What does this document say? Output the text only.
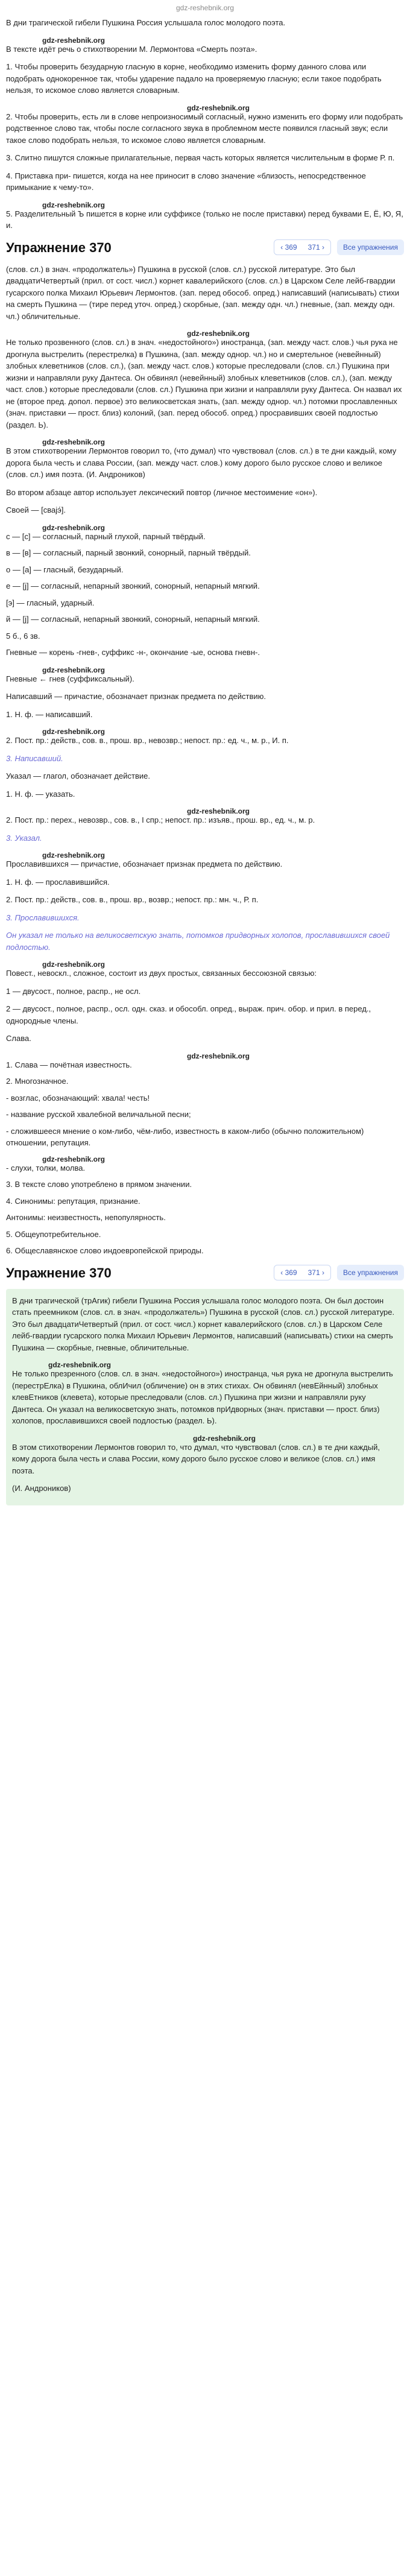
gdz-reshebnik.org

В дни трагической гибели Пушкина Россия услышала голос молодого поэта.

gdz-reshebnik.org

В тексте идёт речь о стихотворении М. Лермонтова «Смерть поэта».

1. Чтобы проверить безударную гласную в корне, необходимо изменить форму данного слова или подобрать однокоренное так, чтобы ударение падало на проверяемую гласную; если такое подобрать нельзя, то искомое слово является словарным.

gdz-reshebnik.org

2. Чтобы проверить, есть ли в слове непроизносимый согласный, нужно изменить его форму или подобрать родственное слово так, чтобы после согласного звука в проблемном месте появился гласный звук; если такое слово подобрать нельзя, то искомое слово является словарным.

3. Слитно пишутся сложные прилагательные, первая часть которых является числительным в форме Р. п.

4. Приставка при- пишется, когда на нее приносит в слово значение «близость, непосредственное примыкание к чему-то».

gdz-reshebnik.org

5. Разделительный Ъ пишется в корне или суффиксе (только не после приставки) перед буквами Е, Ё, Ю, Я, и.

Упражнение 370	‹ 369 371 ›	Все упражнения

(слов. сл.) в знач. «продолжатель») Пушкина в русской (слов. сл.) русской литературе. Это был двадцатиЧетвертый (прил. от сост. числ.) корнет кавалерийского (слов. сл.) в Царском Селе лейб-гвардии гусарского полка Михаил Юрьевич Лермонтов. (зап. перед обособ. опред.) написавший (написывать) стихи на смерть Пушкина — (тире перед уточ. опред.) скорбные, (зап. между одн. чл.) гневные, (зап. между одн. чл.) обличительные.

gdz-reshebnik.org

Не только прозвенного (слов. сл.) в знач. «недостойного») иностранца, (зап. между част. слов.) чья рука не дрогнула выстрелить (перестрелка) в Пушкина, (зап. между однор. чл.) но и смертельное (невейнный) злобных клеветников (слов. сл.), (зап. между част. слов.) которые преследовали (слов. сл.) Пушкина при жизни и направляли руку Дантеса. Он обвинял (невейнный) злобных клеветников (слов. сл.), (зап. между част. слов.) которые преследовали (слов. сл.) Пушкина при жизни и направляли руку Дантеса. Он назвал их не (второе пред. допол. первое) это великосветская знать, (зап. между однор. чл.) потомки прославленных (знач. приставки — прост. близ) колоний, (зап. перед обособ. опред.) просравивших своей подлостью (раздел. Ь).

gdz-reshebnik.org

В этом стихотворении Лермонтов говорил то, (что думал) что чувствовал (слов. сл.) в те дни каждый, кому дорога была честь и слава России, (зап. между част. слов.) кому дорого было русское слово и великое (слов. сл.) имя поэта. (И. Андроников)

Во втором абзаце автор использует лексический повтор (личное местоимение «он»).

Своей — [сваjэ́].

gdz-reshebnik.org

с — [с] — согласный, парный глухой, парный твёрдый.

в — [в] — согласный, парный звонкий, сонорный, парный твёрдый.

о — [а] — гласный, безударный.

е — [j] — согласный, непарный звонкий, сонорный, непарный мягкий.

[э] — гласный, ударный.

й — [j] — согласный, непарный звонкий, сонорный, непарный мягкий.

5 б., 6 зв.

Гневные — корень -гнев-, суффикс -н-, окончание -ые, основа гневн-.

gdz-reshebnik.org

Гневные ← гнев (суффиксальный).

Написавший — причастие, обозначает признак предмета по действию.

1. Н. ф. — написавший.

gdz-reshebnik.org

2. Пост. пр.: действ., сов. в., прош. вр., невозвр.; непост. пр.: ед. ч., м. р., И. п.

3. Написавший.

Указал — глагол, обозначает действие.

1. Н. ф. — указать.

gdz-reshebnik.org

2. Пост. пр.: перех., невозвр., сов. в., I спр.; непост. пр.: изъяв., прош. вр., ед. ч., м. р.

3. Указал.

gdz-reshebnik.org

Прославившихся — причастие, обозначает признак предмета по действию.

1. Н. ф. — прославившийся.

2. Пост. пр.: действ., сов. в., прош. вр., возвр.; непост. пр.: мн. ч., Р. п.

3. Прославившихся.

Он указал не только на великосветскую знать, потомков придворных холопов, прославившихся своей подлостью.

gdz-reshebnik.org

Повест., невоскл., сложное, состоит из двух простых, связанных бессоюзной связью:

1 — двусост., полное, распр., не осл.

2 — двусост., полное, распр., осл. одн. сказ. и обособл. опред., выраж. прич. обор. и прил. в перед., однородные члены.

Слава.

gdz-reshebnik.org

1. Слава — почётная известность.

2. Многозначное.

- возглас, обозначающий: хвала! честь!

- название русской хвалебной величальной песни;

- сложившееся мнение о ком-либо, чём-либо, известность в каком-либо (обычно положительном) отношении, репутация.

gdz-reshebnik.org

- слухи, толки, молва.

3. В тексте слово употреблено в прямом значении.

4. Синонимы: репутация, признание.

Антонимы: неизвестность, непопулярность.

5. Общеупотребительное.

6. Общеславянское слово индоевропейской природы.

Упражнение 370	‹ 369 371 ›	Все упражнения

В дни трагической (трАгик) гибели Пушкина Россия услышала голос молодого поэта. Он был достоин стать преемником (слов. сл. в знач. «продолжатель») Пушкина в русской (слов. сл.) русской литературе. Это был двадцатиЧетвертый (прил. от сост. числ.) корнет кавалерийского (слов. сл.) в Царском Селе лейб-гвардии гусарского полка Михаил Юрьевич Лермонтов, написавший (написывать) стихи на смерть Пушкина — скорбные, гневные, обличительные.

gdz-reshebnik.org

Не только презренного (слов. сл. в знач. «недостойного») иностранца, чья рука не дрогнула выстрелить (перестрЕлка) в Пушкина, облИчил (обличение) он в этих стихах. Он обвинял (невЕйнный) злобных клевЕтников (клевета), которые преследовали (слов. сл.) Пушкина при жизни и направляли руку Дантеса. Он указал на великосветскую знать, потомков прИдворных (знач. приставки — прост. близ) холопов, прославившихся своей подлостью (раздел. Ь).

gdz-reshebnik.org

В этом стихотворении Лермонтов говорил то, что думал, что чувствовал (слов. сл.) в те дни каждый, кому дорога была честь и слава России, кому дорого было русское слово и великое (слов. сл.) имя поэта.

(И. Андроников)
